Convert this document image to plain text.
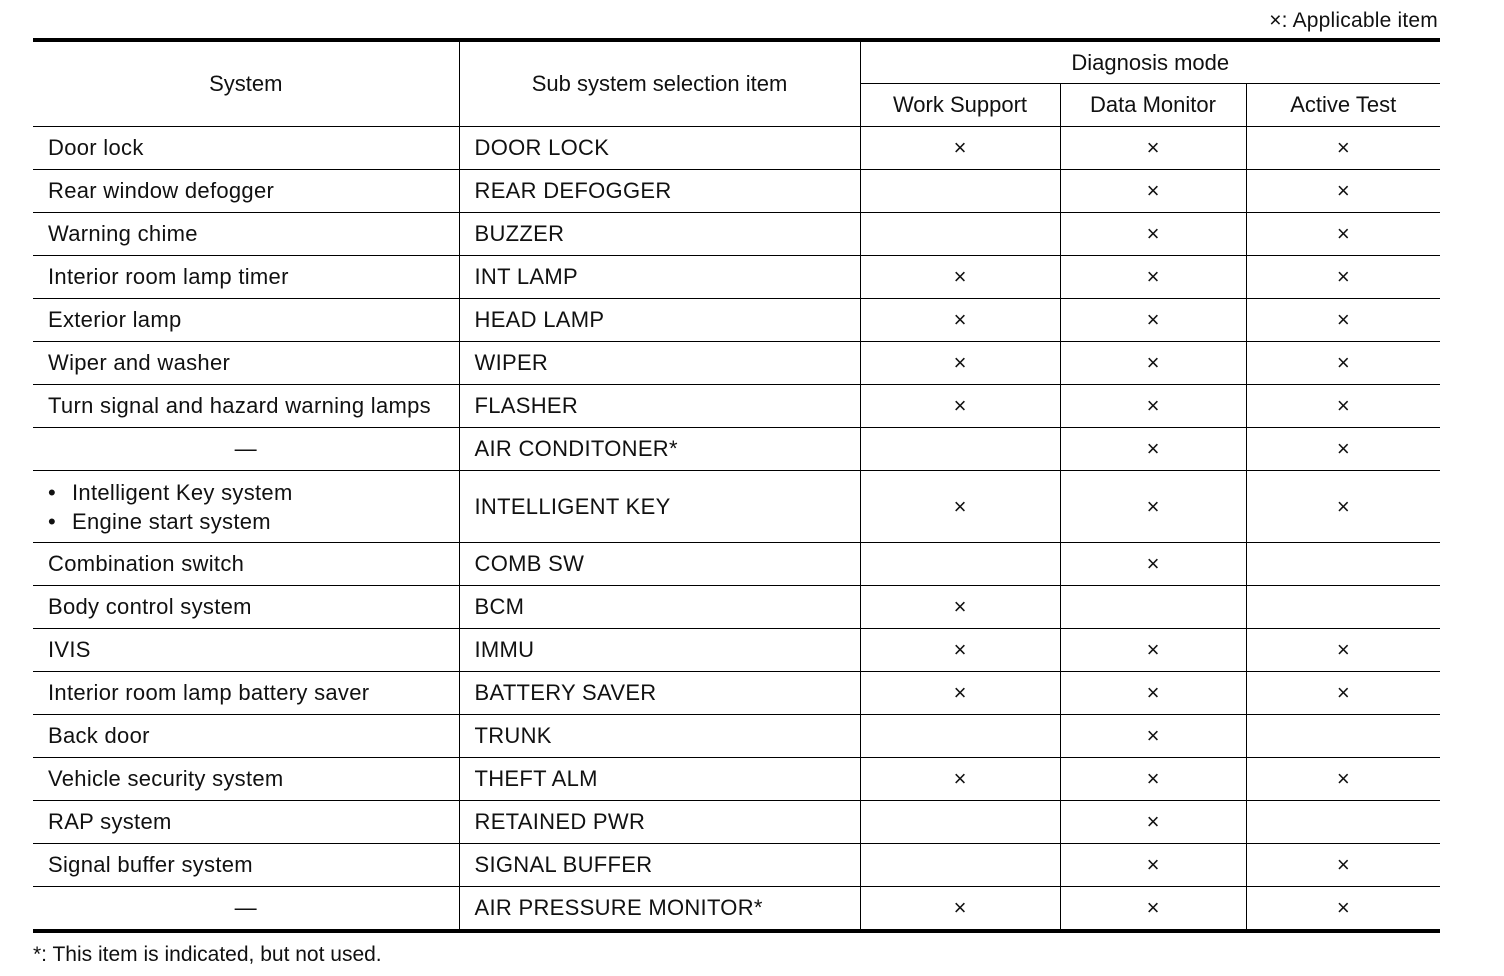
×: Applicable item
System	Sub system selection item	Diagnosis mode		
		Work Support	Data Monitor	Active Test
Door lock	DOOR LOCK	×	×	×
Rear window defogger	REAR DEFOGGER		×	×
Warning chime	BUZZER		×	×
Interior room lamp timer	INT LAMP	×	×	×
Exterior lamp	HEAD LAMP	×	×	×
Wiper and washer	WIPER	×	×	×
Turn signal and hazard warning lamps	FLASHER	×	×	×
—	AIR CONDITONER*		×	×

• Intelligent Key system
• Engine start system	INTELLIGENT KEY	×	×	×
Combination switch	COMB SW		×	
Body control system	BCM	×		
IVIS	IMMU	×	×	×
Interior room lamp battery saver	BATTERY SAVER	×	×	×
Back door	TRUNK		×	
Vehicle security system	THEFT ALM	×	×	×
RAP system	RETAINED PWR		×	
Signal buffer system	SIGNAL BUFFER		×	×
—	AIR PRESSURE MONITOR*	×	×	×
*: This item is indicated, but not used.
